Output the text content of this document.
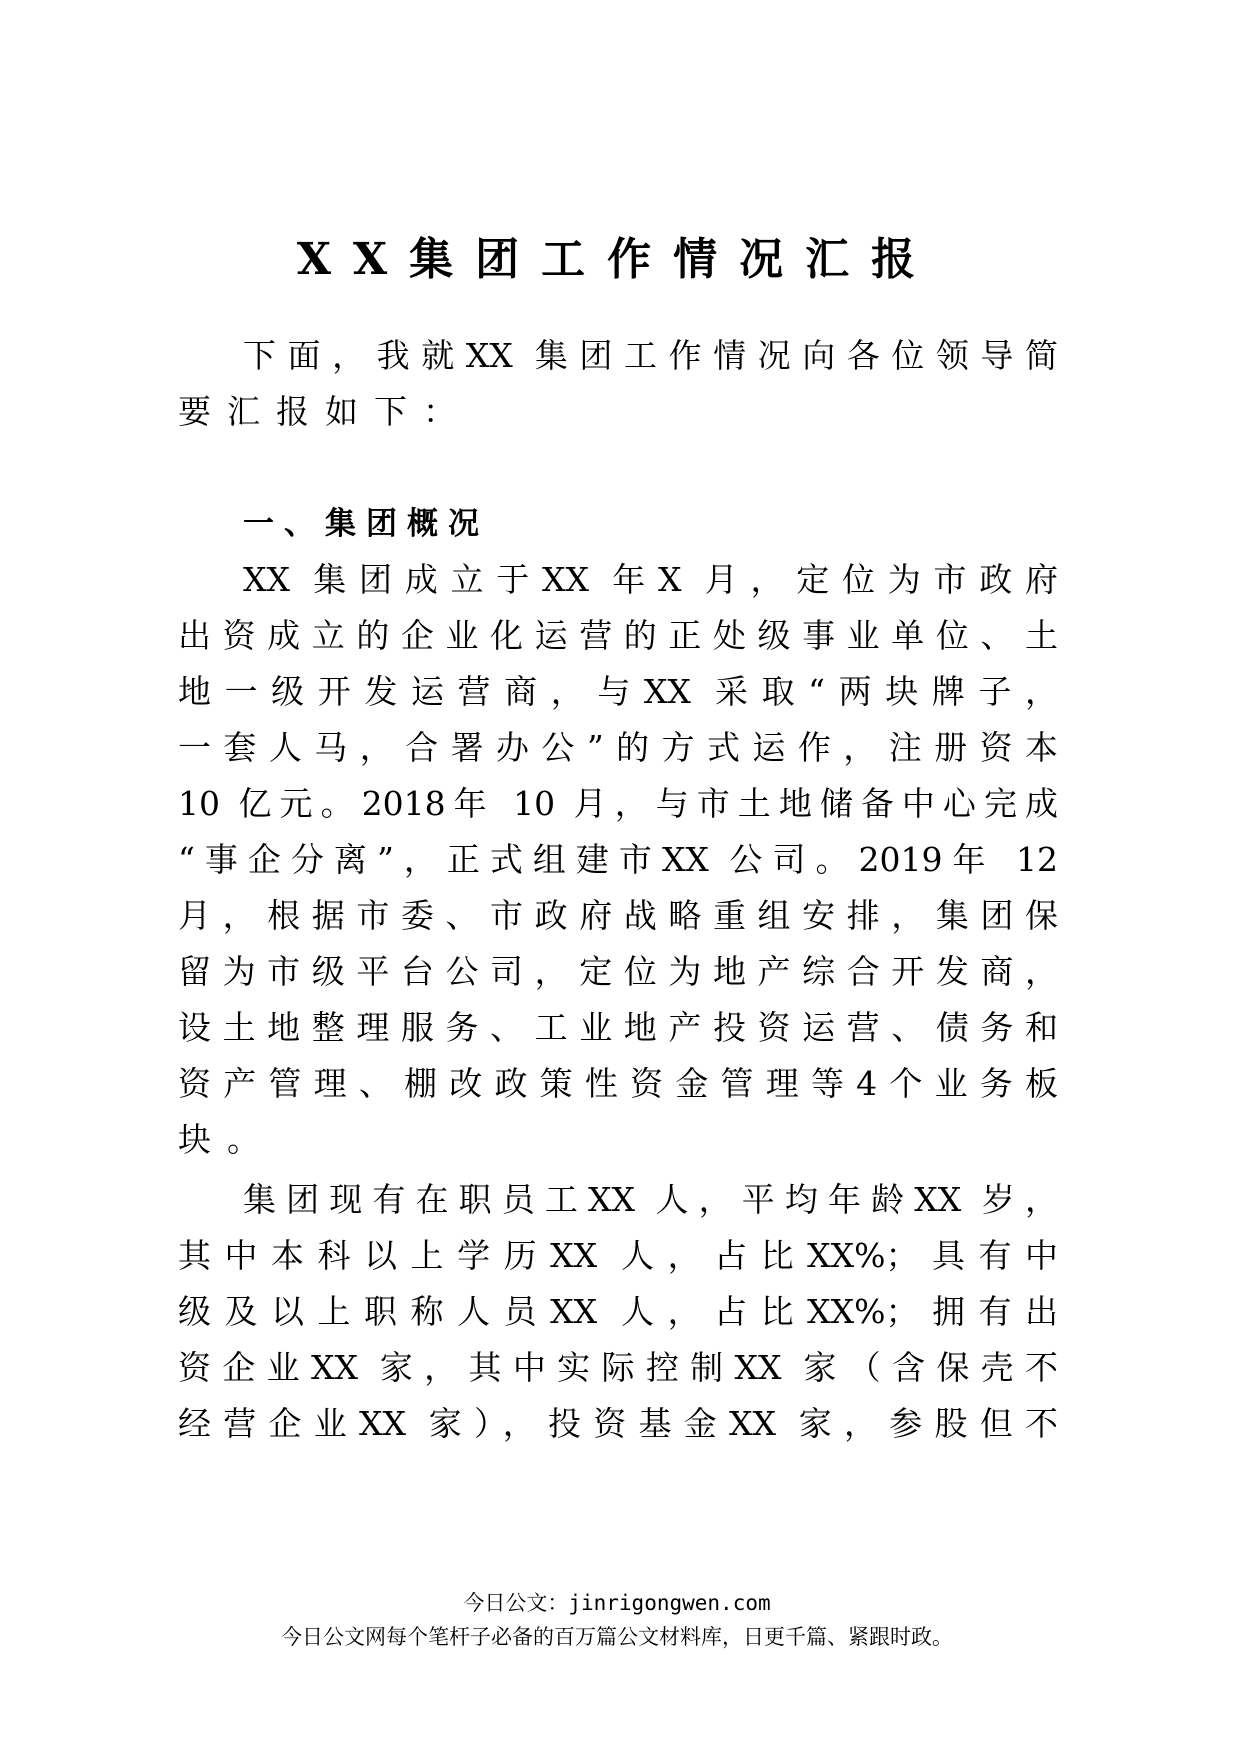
XX集团工作情况汇报
下面，我就XX 集团工作情况向各位领导简
要汇报如下：
一、集团概况
XX 集团成立于XX 年X 月，定位为市政府
出资成立的企业化运营的正处级事业单位、土
地一级开发运营商，与XX 采取“两块牌子，
一套人马，合署办公”的方式运作，注册资本
10 亿元。2018年 10 月，与市土地储备中心完成
“事企分离”，正式组建市XX 公司。2019年 12
月，根据市委、市政府战略重组安排，集团保
留为市级平台公司，定位为地产综合开发商，
设土地整理服务、工业地产投资运营、债务和
资产管理、棚改政策性资金管理等4个业务板
块。
集团现有在职员工XX 人，平均年龄XX 岁，
其中本科以上学历XX 人，占比XX%；具有中
级及以上职称人员XX 人，占比XX%；拥有出
资企业XX 家，其中实际控制XX 家（含保壳不
经营企业XX 家），投资基金XX 家，参股但不
今日公文：jinrigongwen.com
今日公文网每个笔杆子必备的百万篇公文材料库，日更千篇、紧跟时政。
